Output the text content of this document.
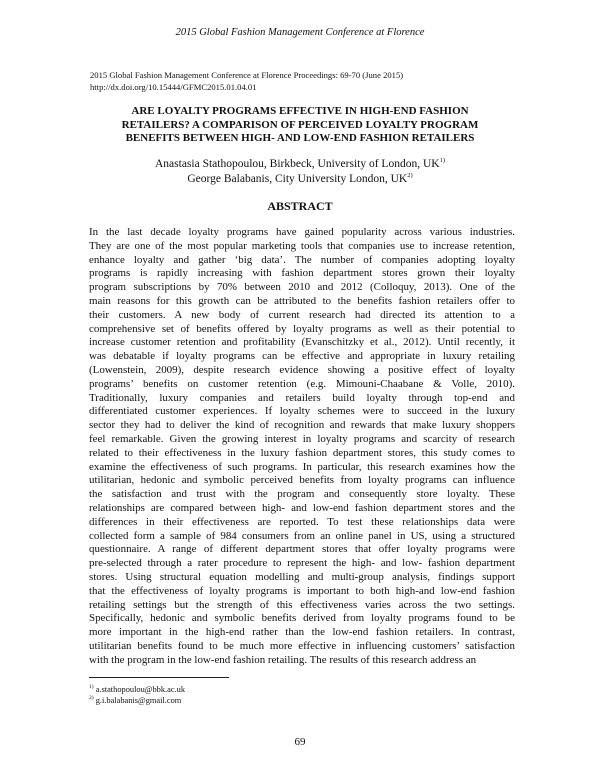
2015 Global Fashion Management Conference at Florence
2015 Global Fashion Management Conference at Florence Proceedings: 69-70 (June 2015)
http://dx.doi.org/10.15444/GFMC2015.01.04.01
ARE LOYALTY PROGRAMS EFFECTIVE IN HIGH-END FASHION
RETAILERS? A COMPARISON OF PERCEIVED LOYALTY PROGRAM
BENEFITS BETWEEN HIGH- AND LOW-END FASHION RETAILERS
Anastasia Stathopoulou, Birkbeck, University of London, UK$^{1)}$
George Balabanis, City University London, UK$^{2)}$
ABSTRACT
In the last decade loyalty programs have gained popularity across various industries.
They are one of the most popular marketing tools that companies use to increase retention,
enhance loyalty and gather ‘big data’. The number of companies adopting loyalty
programs is rapidly increasing with fashion department stores grown their loyalty
program subscriptions by 70% between 2010 and 2012 (Colloquy, 2013). One of the
main reasons for this growth can be attributed to the benefits fashion retailers offer to
their customers. A new body of current research had directed its attention to a
comprehensive set of benefits offered by loyalty programs as well as their potential to
increase customer retention and profitability (Evanschitzky et al., 2012). Until recently, it
was debatable if loyalty programs can be effective and appropriate in luxury retailing
(Lowenstein, 2009), despite research evidence showing a positive effect of loyalty
programs’ benefits on customer retention (e.g. Mimouni-Chaabane & Volle, 2010).
Traditionally, luxury companies and retailers build loyalty through top-end and
differentiated customer experiences. If loyalty schemes were to succeed in the luxury
sector they had to deliver the kind of recognition and rewards that make luxury shoppers
feel remarkable. Given the growing interest in loyalty programs and scarcity of research
related to their effectiveness in the luxury fashion department stores, this study comes to
examine the effectiveness of such programs. In particular, this research examines how the
utilitarian, hedonic and symbolic perceived benefits from loyalty programs can influence
the satisfaction and trust with the program and consequently store loyalty. These
relationships are compared between high- and low-end fashion department stores and the
differences in their effectiveness are reported. To test these relationships data were
collected form a sample of 984 consumers from an online panel in US, using a structured
questionnaire. A range of different department stores that offer loyalty programs were
pre-selected through a rater procedure to represent the high- and low- fashion department
stores. Using structural equation modelling and multi-group analysis, findings support
that the effectiveness of loyalty programs is important to both high-and low-end fashion
retailing settings but the strength of this effectiveness varies across the two settings.
Specifically, hedonic and symbolic benefits derived from loyalty programs found to be
more important in the high-end rather than the low-end fashion retailers. In contrast,
utilitarian benefits found to be much more effective in influencing customers’ satisfaction
with the program in the low-end fashion retailing. The results of this research address an
$^{1)}$ a.stathopoulou@bbk.ac.uk
$^{2)}$ g.i.balabanis@gmail.com
69
